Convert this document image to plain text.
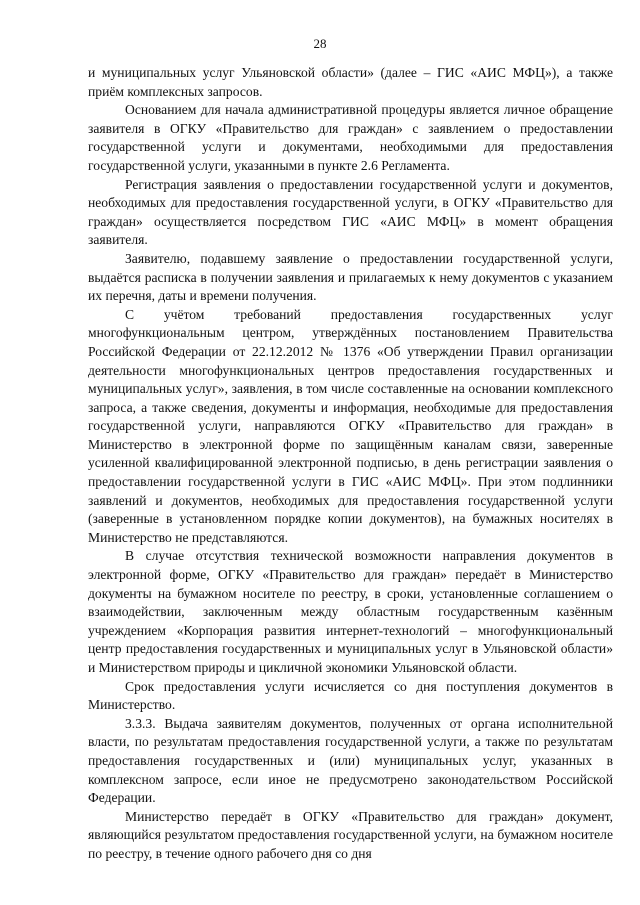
28

и муниципальных услуг Ульяновской области» (далее – ГИС «АИС МФЦ»), а также приём комплексных запросов.

Основанием для начала административной процедуры является личное обращение заявителя в ОГКУ «Правительство для граждан» с заявлением о предоставлении государственной услуги и документами, необходимыми для предоставления государственной услуги, указанными в пункте 2.6 Регламента.

Регистрация заявления о предоставлении государственной услуги и документов, необходимых для предоставления государственной услуги, в ОГКУ «Правительство для граждан» осуществляется посредством ГИС «АИС МФЦ» в момент обращения заявителя.

Заявителю, подавшему заявление о предоставлении государственной услуги, выдаётся расписка в получении заявления и прилагаемых к нему документов с указанием их перечня, даты и времени получения.

С учётом требований предоставления государственных услуг многофункциональным центром, утверждённых постановлением Правительства Российской Федерации от 22.12.2012 № 1376 «Об утверждении Правил организации деятельности многофункциональных центров предоставления государственных и муниципальных услуг», заявления, в том числе составленные на основании комплексного запроса, а также сведения, документы и информация, необходимые для предоставления государственной услуги, направляются ОГКУ «Правительство для граждан» в Министерство в электронной форме по защищённым каналам связи, заверенные усиленной квалифицированной электронной подписью, в день регистрации заявления о предоставлении государственной услуги в ГИС «АИС МФЦ». При этом подлинники заявлений и документов, необходимых для предоставления государственной услуги (заверенные в установленном порядке копии документов), на бумажных носителях в Министерство не представляются.

В случае отсутствия технической возможности направления документов в электронной форме, ОГКУ «Правительство для граждан» передаёт в Министерство документы на бумажном носителе по реестру, в сроки, установленные соглашением о взаимодействии, заключенным между областным государственным казённым учреждением «Корпорация развития интернет-технологий – многофункциональный центр предоставления государственных и муниципальных услуг в Ульяновской области» и Министерством природы и цикличной экономики Ульяновской области.

Срок предоставления услуги исчисляется со дня поступления документов в Министерство.

3.3.3. Выдача заявителям документов, полученных от органа исполнительной власти, по результатам предоставления государственной услуги, а также по результатам предоставления государственных и (или) муниципальных услуг, указанных в комплексном запросе, если иное не предусмотрено законодательством Российской Федерации.

Министерство передаёт в ОГКУ «Правительство для граждан» документ, являющийся результатом предоставления государственной услуги, на бумажном носителе по реестру, в течение одного рабочего дня со дня
